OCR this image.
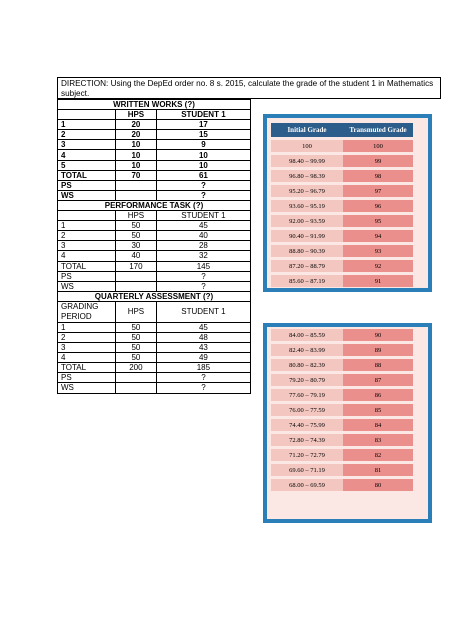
DIRECTION: Using the DepEd order no. 8 s. 2015, calculate the grade of the student 1 in Mathematics subject.
WRITTEN WORKS (?)		
	HPS	STUDENT 1
1	20	17
2	20	15
3	10	9
4	10	10
5	10	10
TOTAL	70	61
PS		?
WS		?
PERFORMANCE TASK (?)		
	HPS	STUDENT 1
1	50	45
2	50	40
3	30	28
4	40	32
TOTAL	170	145
PS		?
WS		?
QUARTERLY ASSESSMENT (?)		
GRADING PERIOD	HPS	STUDENT 1
1	50	45
2	50	48
3	50	43
4	50	49
TOTAL	200	185
PS		?
WS		?
Initial Grade	Transmuted Grade
100	100
98.40 – 99.99	99
96.80 – 98.39	98
95.20 – 96.79	97
93.60 – 95.19	96
92.00 – 93.59	95
90.40 – 91.99	94
88.80 – 90.39	93
87.20 – 88.79	92
85.60 – 87.19	91
84.00 – 85.59	90
82.40 – 83.99	89
80.80 – 82.39	88
79.20 – 80.79	87
77.60 – 79.19	86
76.00 – 77.59	85
74.40 – 75.99	84
72.80 – 74.39	83
71.20 – 72.79	82
69.60 – 71.19	81
68.00 – 69.59	80
